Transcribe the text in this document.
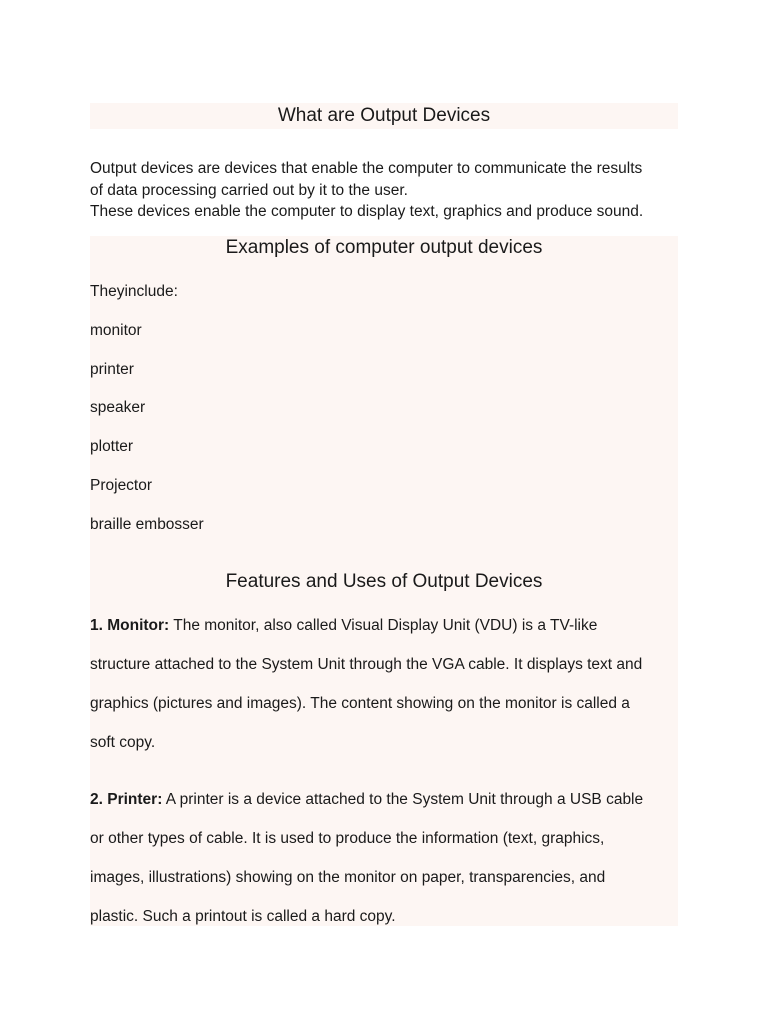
What are Output Devices

Output devices are devices that enable the computer to communicate the results

of data processing carried out by it to the user.

These devices enable the computer to display text, graphics and produce sound.

Examples of computer output devices
Theyinclude:
monitor
printer
speaker
plotter
Projector
braille embosser
Features and Uses of Output Devices

1. Monitor: The monitor, also called Visual Display Unit (VDU) is a TV-like

structure attached to the System Unit through the VGA cable. It displays text and

graphics (pictures and images). The content showing on the monitor is called a

soft copy.

2. Printer: A printer is a device attached to the System Unit through a USB cable

or other types of cable. It is used to produce the information (text, graphics,

images, illustrations) showing on the monitor on paper, transparencies, and

plastic. Such a printout is called a hard copy.
